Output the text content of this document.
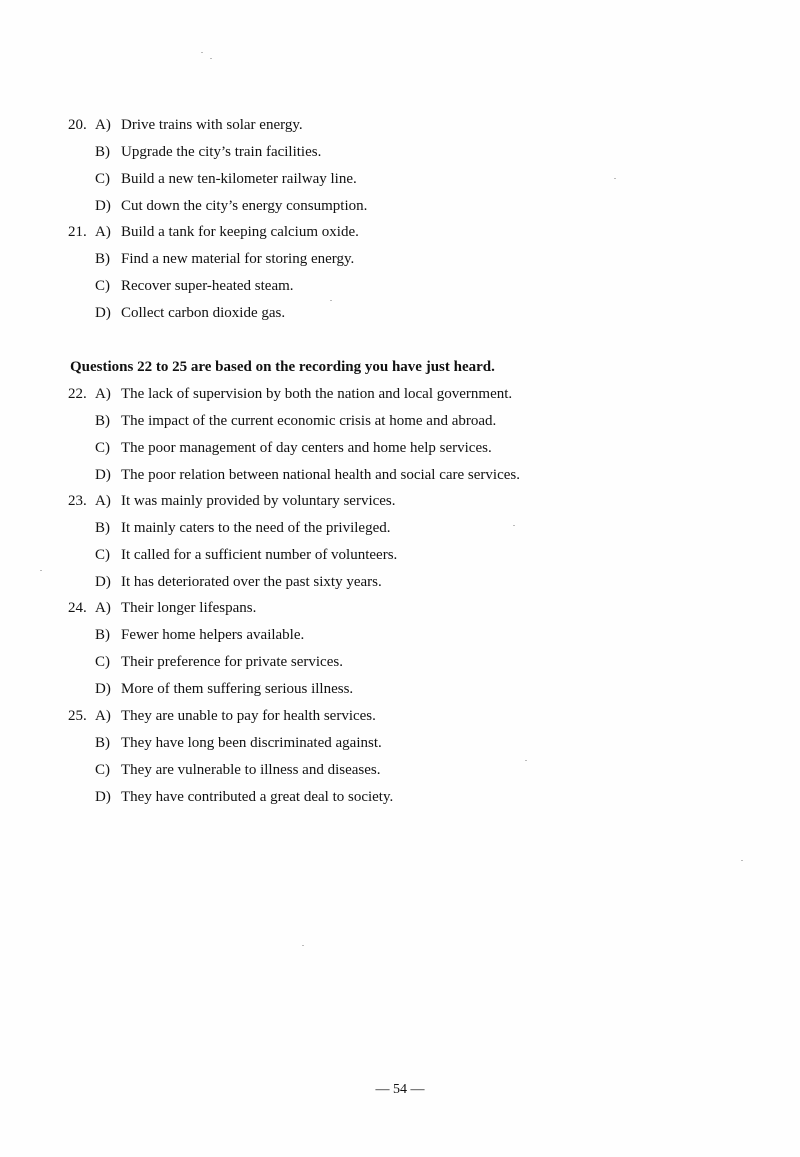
20. A) Drive trains with solar energy.
B) Upgrade the city’s train facilities.
C) Build a new ten-kilometer railway line.
D) Cut down the city’s energy consumption.
21. A) Build a tank for keeping calcium oxide.
B) Find a new material for storing energy.
C) Recover super-heated steam.
D) Collect carbon dioxide gas.
Questions 22 to 25 are based on the recording you have just heard.
22. A) The lack of supervision by both the nation and local government.
B) The impact of the current economic crisis at home and abroad.
C) The poor management of day centers and home help services.
D) The poor relation between national health and social care services.
23. A) It was mainly provided by voluntary services.
B) It mainly caters to the need of the privileged.
C) It called for a sufficient number of volunteers.
D) It has deteriorated over the past sixty years.
24. A) Their longer lifespans.
B) Fewer home helpers available.
C) Their preference for private services.
D) More of them suffering serious illness.
25. A) They are unable to pay for health services.
B) They have long been discriminated against.
C) They are vulnerable to illness and diseases.
D) They have contributed a great deal to society.
— 54 —
